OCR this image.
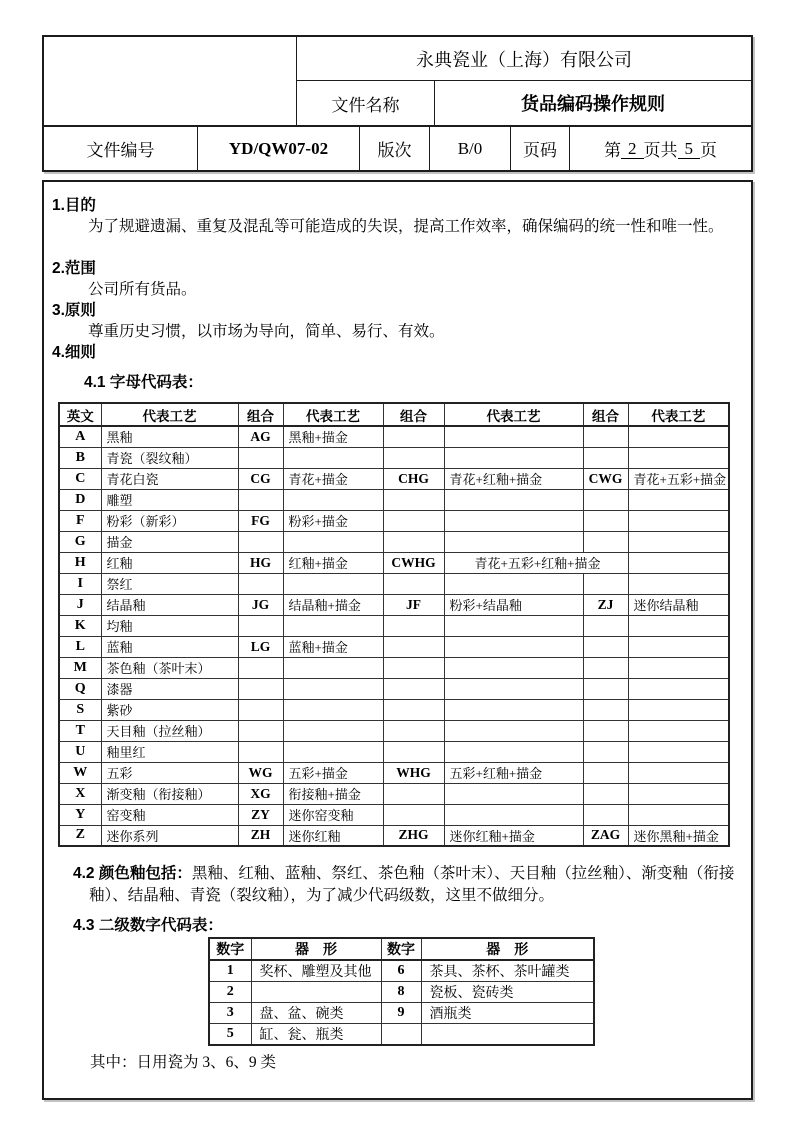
永典瓷业（上海）有限公司
文件名称	货品编码操作规则
文件编号	YD/QW07-02	版次	B/0	页码	第 2 页共 5 页

1.目的

为了规避遗漏、重复及混乱等可能造成的失误，提高工作效率，确保编码的统一性和唯一性。

2.范围

公司所有货品。

3.原则

尊重历史习惯，以市场为导向，简单、易行、有效。

4.细则

4.1 字母代码表：

英文	代表工艺	组合	代表工艺	组合	代表工艺	组合	代表工艺
A	黑釉	AG	黑釉+描金				
B	青瓷（裂纹釉）						
C	青花白瓷	CG	青花+描金	CHG	青花+红釉+描金	CWG	青花+五彩+描金
D	雕塑						
F	粉彩（新彩）	FG	粉彩+描金				
G	描金						
H	红釉	HG	红釉+描金	CWHG	青花+五彩+红釉+描金		
I	祭红						
J	结晶釉	JG	结晶釉+描金	JF	粉彩+结晶釉	ZJ	迷你结晶釉
K	均釉						
L	蓝釉	LG	蓝釉+描金				
M	茶色釉（茶叶末）						
Q	漆器						
S	紫砂						
T	天目釉（拉丝釉）						
U	釉里红						
W	五彩	WG	五彩+描金	WHG	五彩+红釉+描金		
X	渐变釉（衔接釉）	XG	衔接釉+描金				
Y	窑变釉	ZY	迷你窑变釉				
Z	迷你系列	ZH	迷你红釉	ZHG	迷你红釉+描金	ZAG	迷你黑釉+描金

4.2 颜色釉包括：黑釉、红釉、蓝釉、祭红、茶色釉（茶叶末）、天目釉（拉丝釉）、渐变釉（衔接釉）、结晶釉、青瓷（裂纹釉），为了减少代码级数，这里不做细分。

4.3 二级数字代码表：

数字	器　形	数字	器　形
1	奖杯、雕塑及其他	6	茶具、茶杯、茶叶罐类
2		8	瓷板、瓷砖类
3	盘、盆、碗类	9	酒瓶类
5	缸、瓮、瓶类		

其中：日用瓷为 3、6、9 类
